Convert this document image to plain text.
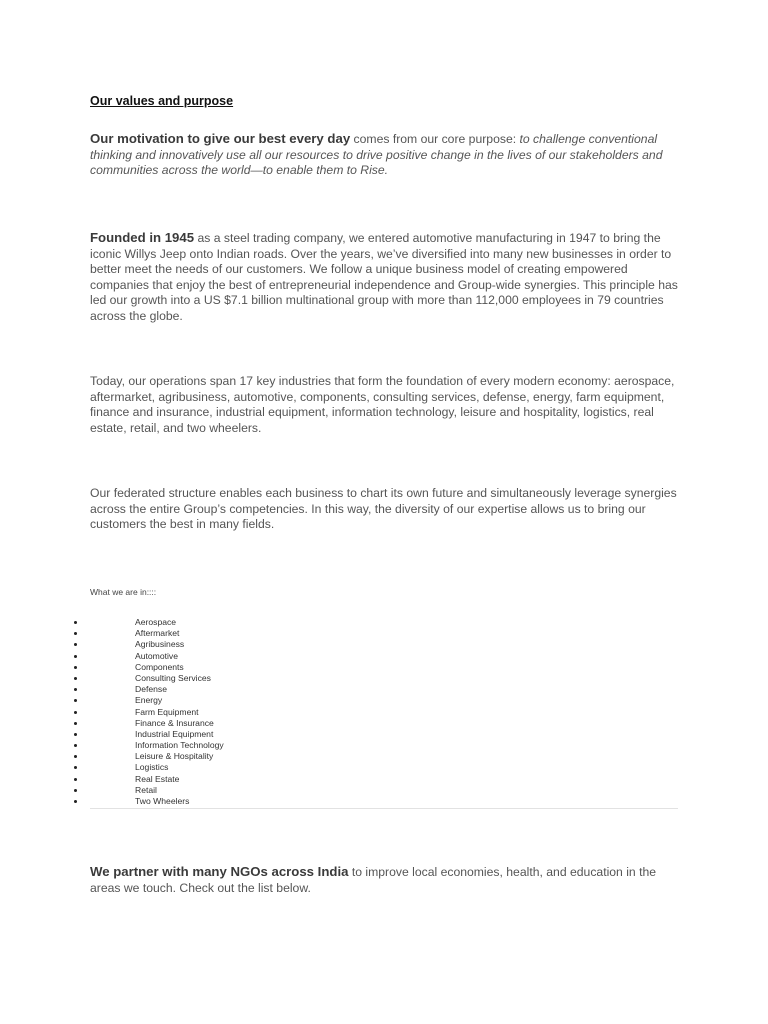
Our values and purpose
Our motivation to give our best every day comes from our core purpose: to challenge conventional thinking and innovatively use all our resources to drive positive change in the lives of our stakeholders and communities across the world—to enable them to Rise.
Founded in 1945 as a steel trading company, we entered automotive manufacturing in 1947 to bring the iconic Willys Jeep onto Indian roads. Over the years, we’ve diversified into many new businesses in order to better meet the needs of our customers. We follow a unique business model of creating empowered companies that enjoy the best of entrepreneurial independence and Group-wide synergies. This principle has led our growth into a US $7.1 billion multinational group with more than 112,000 employees in 79 countries across the globe.
Today, our operations span 17 key industries that form the foundation of every modern economy: aerospace, aftermarket, agribusiness, automotive, components, consulting services, defense, energy, farm equipment, finance and insurance, industrial equipment, information technology, leisure and hospitality, logistics, real estate, retail, and two wheelers.
Our federated structure enables each business to chart its own future and simultaneously leverage synergies across the entire Group’s competencies. In this way, the diversity of our expertise allows us to bring our customers the best in many fields.
What we are in::::
Aerospace
Aftermarket
Agribusiness
Automotive
Components
Consulting Services
Defense
Energy
Farm Equipment
Finance & Insurance
Industrial Equipment
Information Technology
Leisure & Hospitality
Logistics
Real Estate
Retail
Two Wheelers
We partner with many NGOs across India to improve local economies, health, and education in the areas we touch. Check out the list below.
